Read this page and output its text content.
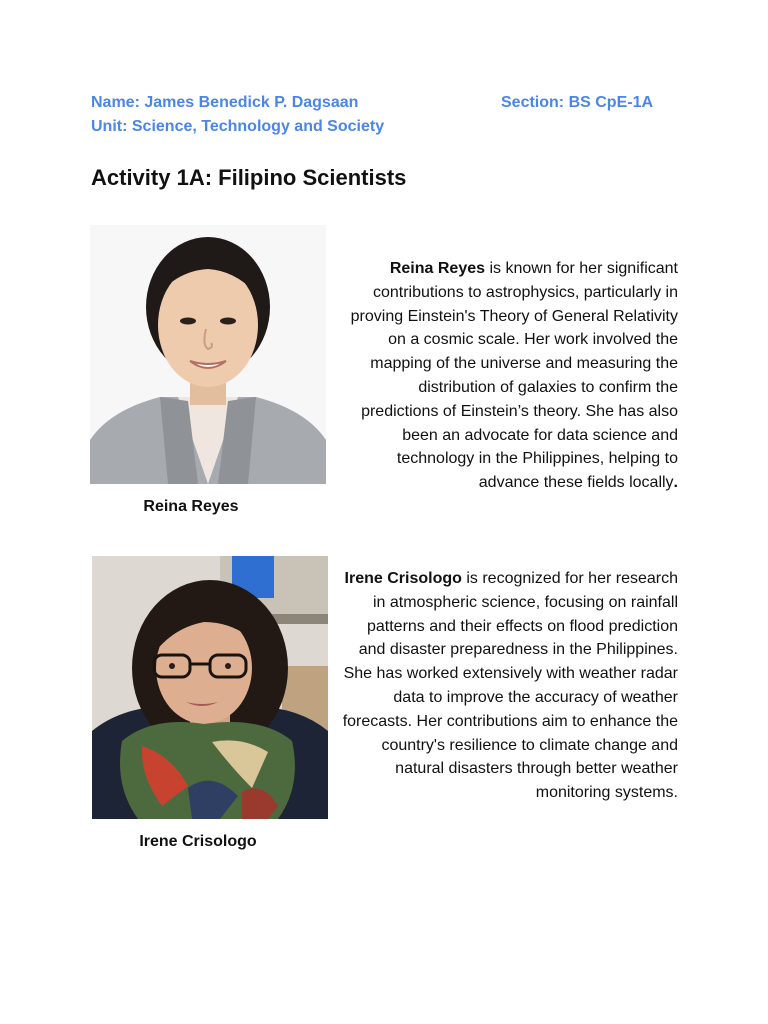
Name: James Benedick P. Dagsaan	Section: BS CpE-1A
Unit: Science, Technology and Society
Activity 1A: Filipino Scientists
Reina Reyes

Reina Reyes is known for her significant contributions to astrophysics, particularly in proving Einstein's Theory of General Relativity on a cosmic scale. Her work involved the mapping of the universe and measuring the distribution of galaxies to confirm the predictions of Einstein’s theory. She has also been an advocate for data science and technology in the Philippines, helping to advance these fields locally.

Irene Crisologo

Irene Crisologo is recognized for her research in atmospheric science, focusing on rainfall patterns and their effects on flood prediction and disaster preparedness in the Philippines. She has worked extensively with weather radar data to improve the accuracy of weather forecasts. Her contributions aim to enhance the country's resilience to climate change and natural disasters through better weather monitoring systems.
